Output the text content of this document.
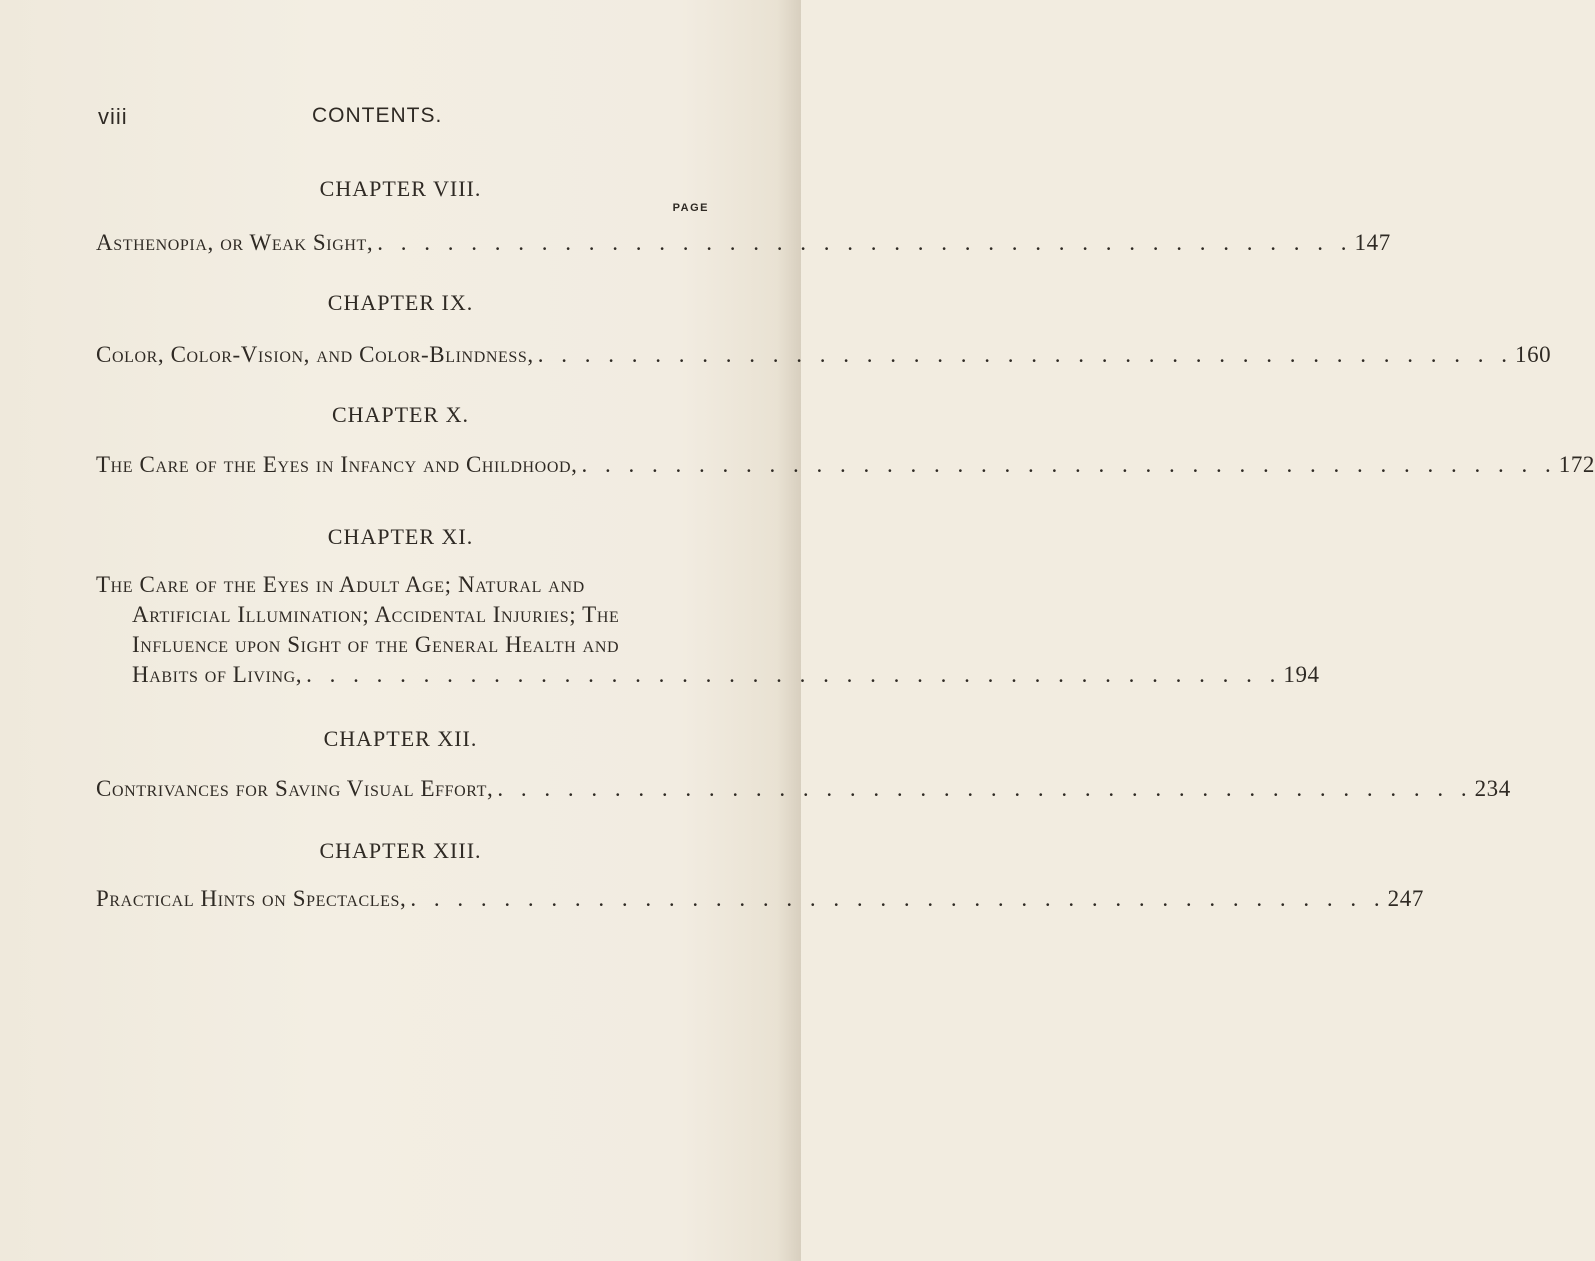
viii	CONTENTS.
PAGE
CHAPTER VIII.
Asthenopia, or Weak Sight, . . . . . . . . . . . . . . . . . . . . . . . . . . . . . . . . . . . . . . . . . . 147
CHAPTER IX.
Color, Color-Vision, and Color-Blindness, . . . . . . . . . . . . . . . . . . . . . . . . . . . . . . . . . . . . . . . . . . 160
CHAPTER X.
The Care of the Eyes in Infancy and Childhood, . . . . . . . . . . . . . . . . . . . . . . . . . . . . . . . . . . . . . . . . . . 172
CHAPTER XI.
The Care of the Eyes in Adult Age; Natural and
Artificial Illumination; Accidental Injuries; The
Influence upon Sight of the General Health and
Habits of Living, . . . . . . . . . . . . . . . . . . . . . . . . . . . . . . . . . . . . . . . . . . 194
CHAPTER XII.
Contrivances for Saving Visual Effort, . . . . . . . . . . . . . . . . . . . . . . . . . . . . . . . . . . . . . . . . . . 234
CHAPTER XIII.
Practical Hints on Spectacles, . . . . . . . . . . . . . . . . . . . . . . . . . . . . . . . . . . . . . . . . . . 247
